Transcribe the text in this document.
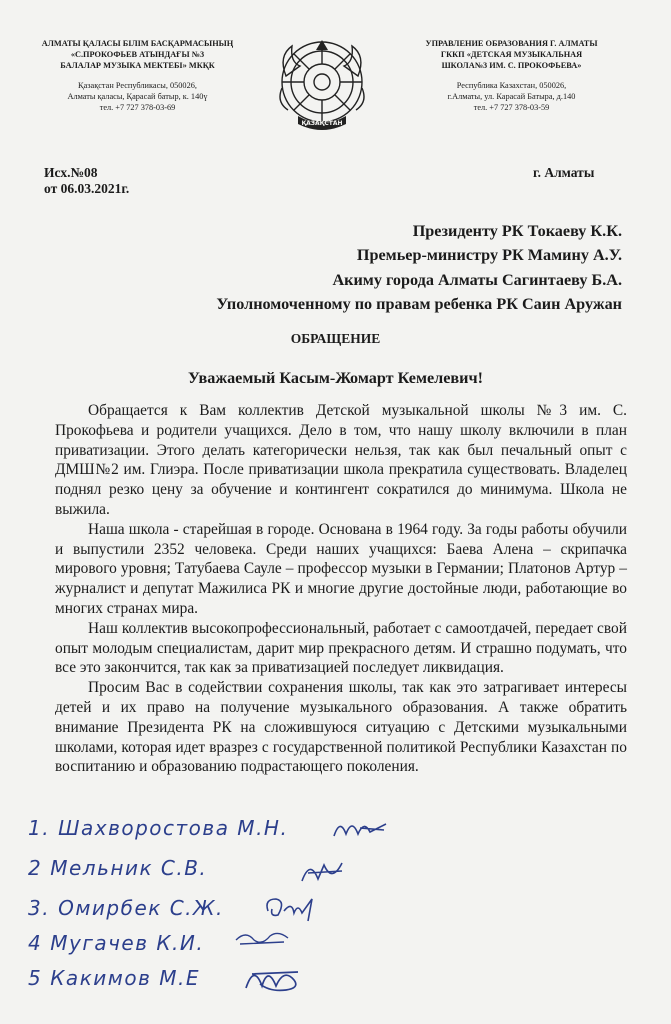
АЛМАТЫ ҚАЛАСЫ БІЛІМ БАСҚАРМАСЫНЫҢ
«С.ПРОКОФЬЕВ АТЫНДАҒЫ №3
БАЛАЛАР МУЗЫКА МЕКТЕБІ» МКҚК
Қазақстан Республикасы, 050026,
Алматы қаласы, Қарасай батыр, к. 140ү
тел. +7 727 378-03-69
ҚАЗАҚСТАН
УПРАВЛЕНИЕ ОБРАЗОВАНИЯ Г. АЛМАТЫ
ГККП «ДЕТСКАЯ МУЗЫКАЛЬНАЯ
ШКОЛА№3 ИМ. С. ПРОКОФЬЕВА»
Республика Казахстан, 050026,
г.Алматы, ул. Карасай Батыра, д.140
тел. +7 727 378-03-59
Исх.№08
от 06.03.2021г.
г. Алматы
Президенту РК Токаеву К.К.
Премьер-министру РК Мамину А.У.
Акиму города Алматы Сагинтаеву Б.А.
Уполномоченному по правам ребенка РК Саин Аружан
ОБРАЩЕНИЕ
Уважаемый Касым-Жомарт Кемелевич!

Обращается к Вам коллектив Детской музыкальной школы №3 им. С. Прокофьева и родители учащихся. Дело в том, что нашу школу включили в план приватизации. Этого делать категорически нельзя, так как был печальный опыт с ДМШ№2 им. Глиэра. После приватизации школа прекратила существовать. Владелец поднял резко цену за обучение и контингент сократился до минимума. Школа не выжила.

Наша школа - старейшая в городе. Основана в 1964 году. За годы работы обучили и выпустили 2352 человека. Среди наших учащихся: Баева Алена – скрипачка мирового уровня; Татубаева Сауле – профессор музыки в Германии; Платонов Артур – журналист и депутат Мажилиса РК и многие другие достойные люди, работающие во многих странах мира.

Наш коллектив высокопрофессиональный, работает с самоотдачей, передает свой опыт молодым специалистам, дарит мир прекрасного детям. И страшно подумать, что все это закончится, так как за приватизацией последует ликвидация.

Просим Вас в содействии сохранения школы, так как это затрагивает интересы детей и их право на получение музыкального образования. А также обратить внимание Президента РК на сложившуюся ситуацию с Детскими музыкальными школами, которая идет вразрез с государственной политикой Республики Казахстан по воспитанию и образованию подрастающего поколения.

1. Шахворостова М.Н.
2 Мельник С.В.
3. Омирбек С.Ж.
4 Мугачев К.И.
5 Какимов М.Е
